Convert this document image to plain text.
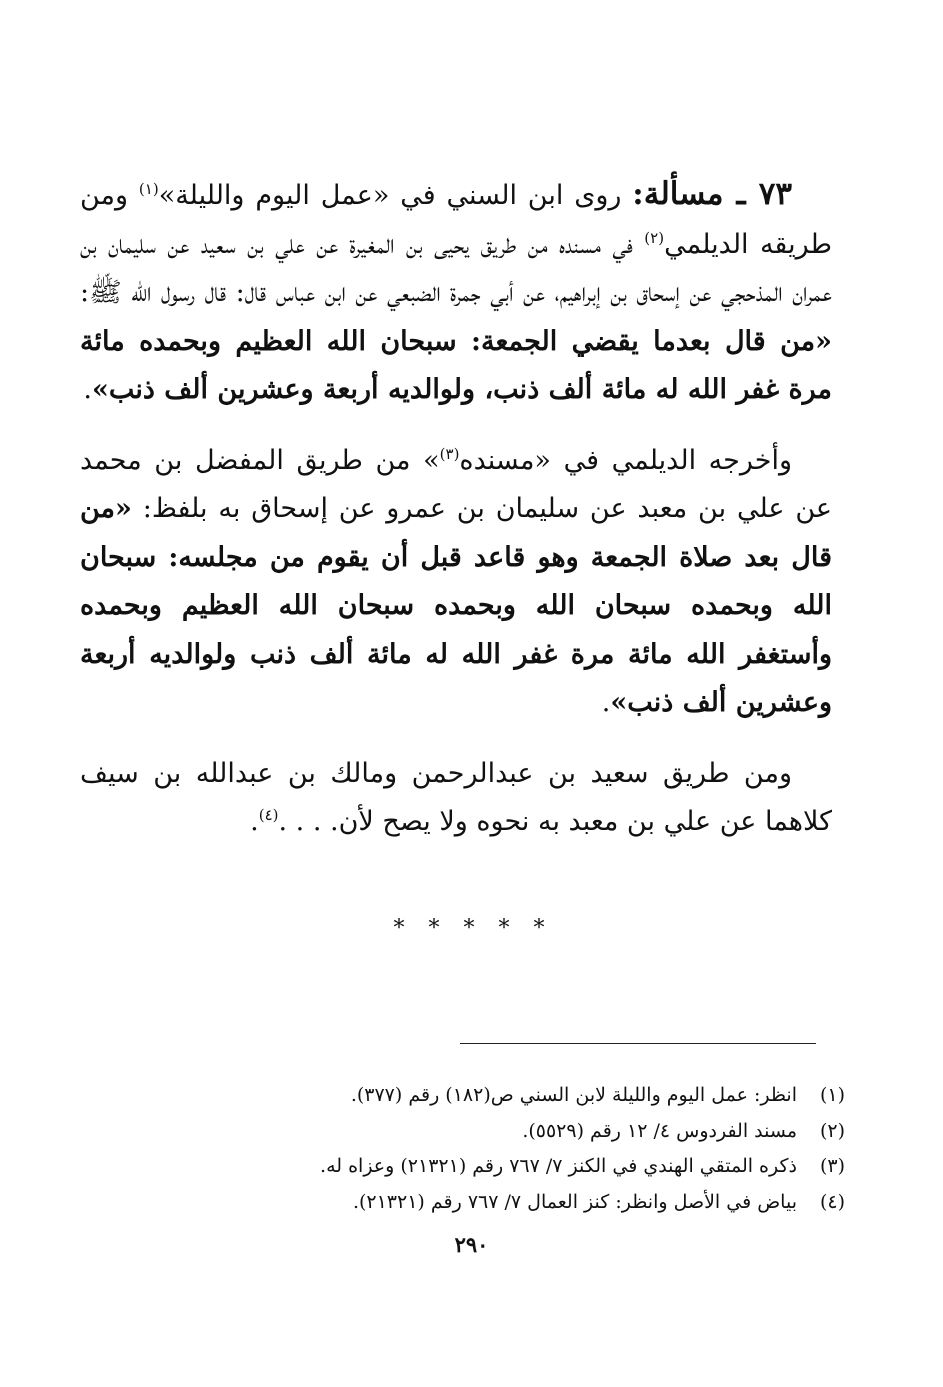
٧٣ ـ مسألة: روى ابن السني في «عمل اليوم والليلة»$^{(١)}$ ومن طريقه الديلمي$^{(٢)}$ في مسنده من طريق يحيى بن المغيرة عن علي بن سعيد عن سليمان بن عمران المذحجي عن إسحاق بن إبراهيم، عن أبي جمرة الضبعي عن ابن عباس قال: قال رسول الله ﷺ: «من قال بعدما يقضي الجمعة: سبحان الله العظيم وبحمده مائة مرة غفر الله له مائة ألف ذنب، ولوالديه أربعة وعشرين ألف ذنب».

وأخرجه الديلمي في «مسنده$^{(٣)}$» من طريق المفضل بن محمد عن علي بن معبد عن سليمان بن عمرو عن إسحاق به بلفظ: «من قال بعد صلاة الجمعة وهو قاعد قبل أن يقوم من مجلسه: سبحان الله وبحمده سبحان الله وبحمده سبحان الله العظيم وبحمده وأستغفر الله مائة مرة غفر الله له مائة ألف ذنب ولوالديه أربعة وعشرين ألف ذنب».

ومن طريق سعيد بن عبدالرحمن ومالك بن عبدالله بن سيف كلاهما عن علي بن معبد به نحوه ولا يصح لأن. . . .$^{(٤)}$.

*****

(١)انظر: عمل اليوم والليلة لابن السني ص(١٨٢) رقم (٣٧٧).

(٢)مسند الفردوس ٤/ ١٢ رقم (٥٥٢٩).

(٣)ذكره المتقي الهندي في الكنز ٧/ ٧٦٧ رقم (٢١٣٢١) وعزاه له.

(٤)بياض في الأصل وانظر: كنز العمال ٧/ ٧٦٧ رقم (٢١٣٢١).

٢٩٠
